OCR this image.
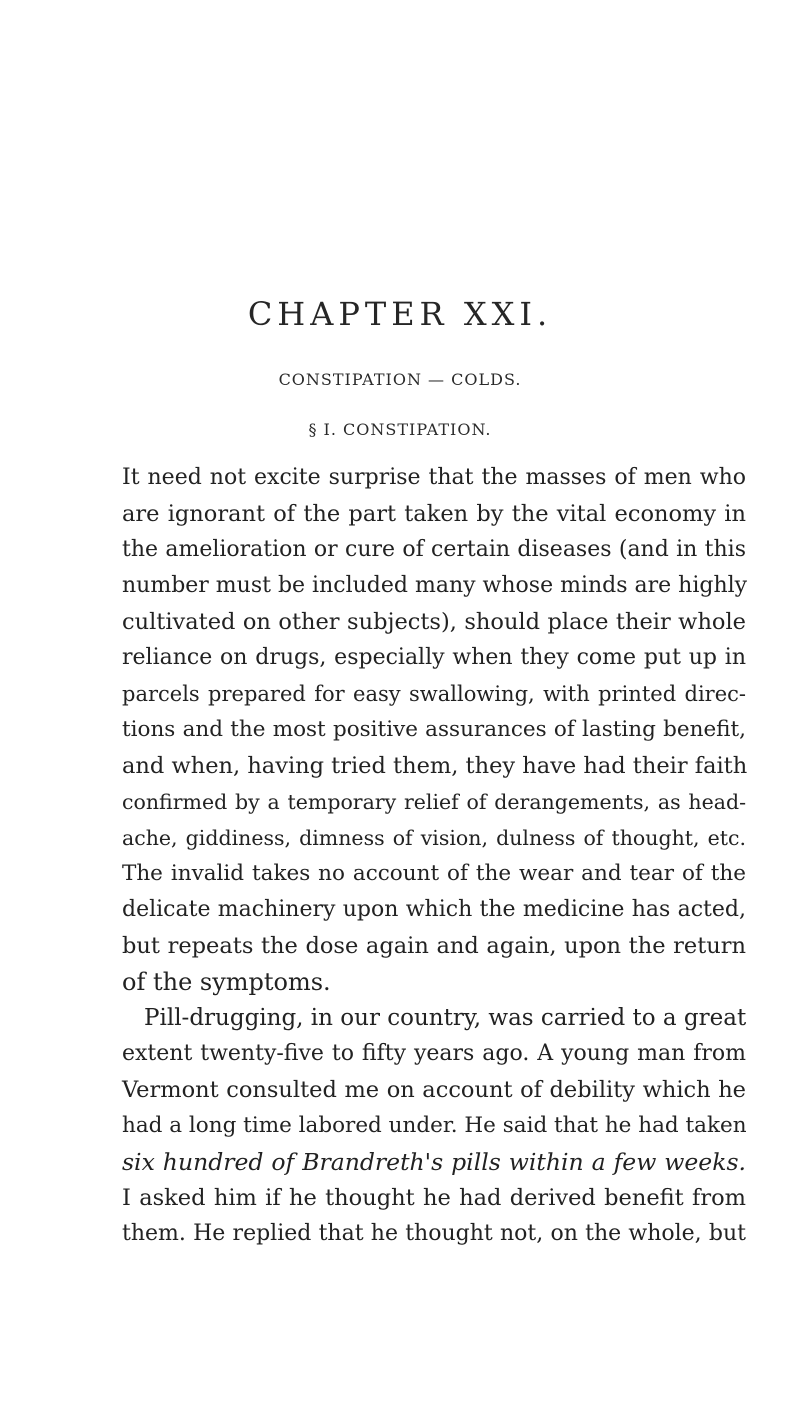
CHAPTER XXI.
CONSTIPATION — COLDS.
§ I. CONSTIPATION.
It need not excite surprise that the masses of men who
are ignorant of the part taken by the vital economy in
the amelioration or cure of certain diseases (and in this
number must be included many whose minds are highly
cultivated on other subjects), should place their whole
reliance on drugs, especially when they come put up in
parcels prepared for easy swallowing, with printed direc-
tions and the most positive assurances of lasting benefit,
and when, having tried them, they have had their faith
confirmed by a temporary relief of derangements, as head-
ache, giddiness, dimness of vision, dulness of thought, etc.
The invalid takes no account of the wear and tear of the
delicate machinery upon which the medicine has acted,
but repeats the dose again and again, upon the return
of the symptoms.
Pill-drugging, in our country, was carried to a great
extent twenty-five to fifty years ago. A young man from
Vermont consulted me on account of debility which he
had a long time labored under. He said that he had taken
six hundred of Brandreth's pills within a few weeks.
I asked him if he thought he had derived benefit from
them. He replied that he thought not, on the whole, but
